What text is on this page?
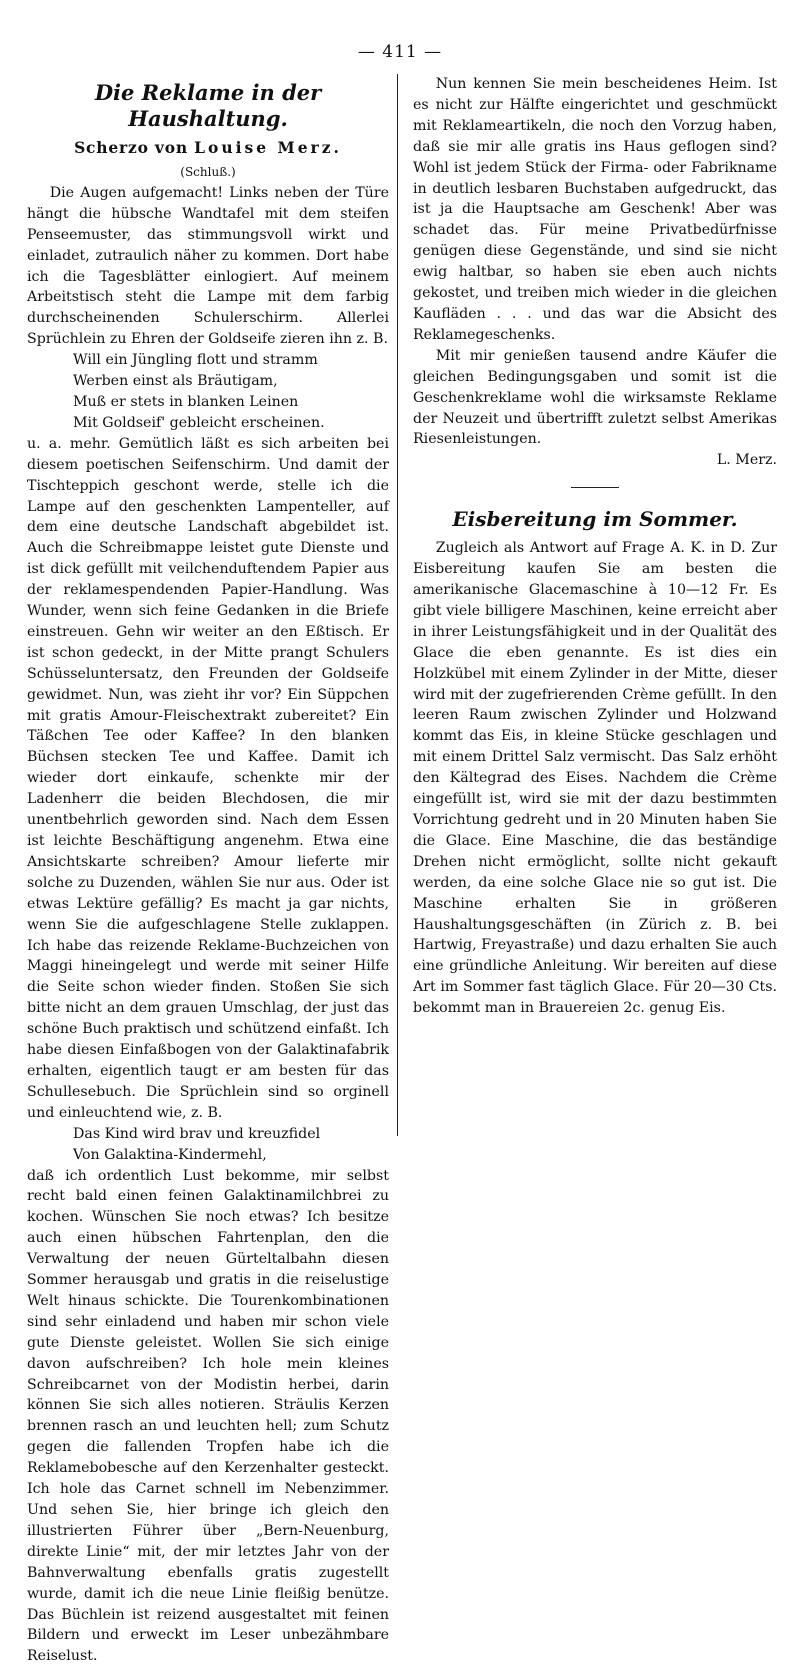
— 411 —

Die Reklame in der Haushaltung.

Scherzo von Louise Merz.

(Schluß.)

Die Augen aufgemacht! Links neben der Türe hängt die hübsche Wandtafel mit dem steifen Penseemuster, das stimmungsvoll wirkt und einladet, zutraulich näher zu kommen. Dort habe ich die Tagesblätter einlogiert. Auf meinem Arbeitstisch steht die Lampe mit dem farbig durchscheinenden Schulerschirm. Allerlei Sprüchlein zu Ehren der Goldseife zieren ihn z. B.

Will ein Jüngling flott und stramm

Werben einst als Bräutigam,

Muß er stets in blanken Leinen

Mit Goldseif' gebleicht erscheinen.

u. a. mehr. Gemütlich läßt es sich arbeiten bei diesem poetischen Seifenschirm. Und damit der Tischteppich geschont werde, stelle ich die Lampe auf den geschenkten Lampenteller, auf dem eine deutsche Landschaft abgebildet ist. Auch die Schreibmappe leistet gute Dienste und ist dick gefüllt mit veilchenduftendem Papier aus der reklamespendenden Papier-Handlung. Was Wunder, wenn sich feine Gedanken in die Briefe einstreuen. Gehn wir weiter an den Eßtisch. Er ist schon gedeckt, in der Mitte prangt Schulers Schüsseluntersatz, den Freunden der Goldseife gewidmet. Nun, was zieht ihr vor? Ein Süppchen mit gratis Amour-Fleischextrakt zubereitet? Ein Täßchen Tee oder Kaffee? In den blanken Büchsen stecken Tee und Kaffee. Damit ich wieder dort einkaufe, schenkte mir der Ladenherr die beiden Blechdosen, die mir unentbehrlich geworden sind. Nach dem Essen ist leichte Beschäftigung angenehm. Etwa eine Ansichtskarte schreiben? Amour lieferte mir solche zu Duzenden, wählen Sie nur aus. Oder ist etwas Lektüre gefällig? Es macht ja gar nichts, wenn Sie die aufgeschlagene Stelle zuklappen. Ich habe das reizende Reklame-Buchzeichen von Maggi hineingelegt und werde mit seiner Hilfe die Seite schon wieder finden. Stoßen Sie sich bitte nicht an dem grauen Umschlag, der just das schöne Buch praktisch und schützend einfaßt. Ich habe diesen Einfaßbogen von der Galaktinafabrik erhalten, eigentlich taugt er am besten für das Schullesebuch. Die Sprüchlein sind so orginell und einleuchtend wie, z. B.

Das Kind wird brav und kreuzfidel

Von Galaktina-Kindermehl,

daß ich ordentlich Lust bekomme, mir selbst recht bald einen feinen Galaktinamilchbrei zu kochen. Wünschen Sie noch etwas? Ich besitze auch einen hübschen Fahrtenplan, den die Verwaltung der neuen Gürteltalbahn diesen Sommer herausgab und gratis in die reiselustige Welt hinaus schickte. Die Tourenkombinationen sind sehr einladend und haben mir schon viele gute Dienste geleistet. Wollen Sie sich einige davon aufschreiben? Ich hole mein kleines Schreibcarnet von der Modistin herbei, darin können Sie sich alles notieren. Sträulis Kerzen brennen rasch an und leuchten hell; zum Schutz gegen die fallenden Tropfen habe ich die Reklamebobesche auf den Kerzenhalter gesteckt. Ich hole das Carnet schnell im Nebenzimmer. Und sehen Sie, hier bringe ich gleich den illustrierten Führer über „Bern-Neuenburg, direkte Linie“ mit, der mir letztes Jahr von der Bahnverwaltung ebenfalls gratis zugestellt wurde, damit ich die neue Linie fleißig benütze. Das Büchlein ist reizend ausgestaltet mit feinen Bildern und erweckt im Leser unbezähmbare Reiselust.

Nun kennen Sie mein bescheidenes Heim. Ist es nicht zur Hälfte eingerichtet und geschmückt mit Reklameartikeln, die noch den Vorzug haben, daß sie mir alle gratis ins Haus geflogen sind? Wohl ist jedem Stück der Firma- oder Fabrikname in deutlich lesbaren Buchstaben aufgedruckt, das ist ja die Hauptsache am Geschenk! Aber was schadet das. Für meine Privatbedürfnisse genügen diese Gegenstände, und sind sie nicht ewig haltbar, so haben sie eben auch nichts gekostet, und treiben mich wieder in die gleichen Kaufläden . . . und das war die Absicht des Reklamegeschenks.

Mit mir genießen tausend andre Käufer die gleichen Bedingungsgaben und somit ist die Geschenkreklame wohl die wirksamste Reklame der Neuzeit und übertrifft zuletzt selbst Amerikas Riesenleistungen.

L. Merz.

Eisbereitung im Sommer.

Zugleich als Antwort auf Frage A. K. in D. Zur Eisbereitung kaufen Sie am besten die amerikanische Glacemaschine à 10—12 Fr. Es gibt viele billigere Maschinen, keine erreicht aber in ihrer Leistungsfähigkeit und in der Qualität des Glace die eben genannte. Es ist dies ein Holzkübel mit einem Zylinder in der Mitte, dieser wird mit der zugefrierenden Crème gefüllt. In den leeren Raum zwischen Zylinder und Holzwand kommt das Eis, in kleine Stücke geschlagen und mit einem Drittel Salz vermischt. Das Salz erhöht den Kältegrad des Eises. Nachdem die Crème eingefüllt ist, wird sie mit der dazu bestimmten Vorrichtung gedreht und in 20 Minuten haben Sie die Glace. Eine Maschine, die das beständige Drehen nicht ermöglicht, sollte nicht gekauft werden, da eine solche Glace nie so gut ist. Die Maschine erhalten Sie in größeren Haushaltungsgeschäften (in Zürich z. B. bei Hartwig, Freyastraße) und dazu erhalten Sie auch eine gründliche Anleitung. Wir bereiten auf diese Art im Sommer fast täglich Glace. Für 20—30 Cts. bekommt man in Brauereien 2c. genug Eis.
